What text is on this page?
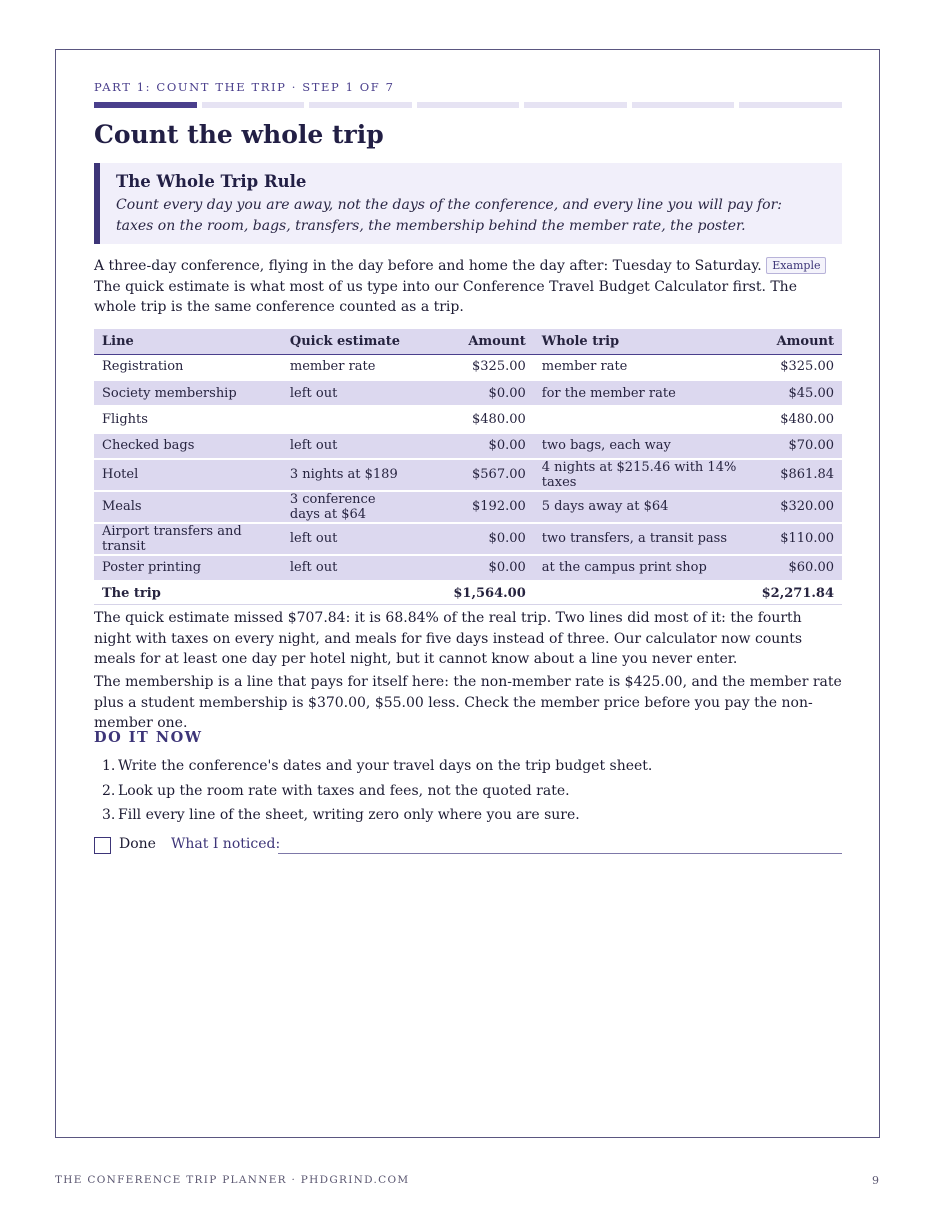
PART 1: COUNT THE TRIP · STEP 1 OF 7
Count the whole trip
The Whole Trip Rule
Count every day you are away, not the days of the conference, and every line you will pay for: taxes on the room, bags, transfers, the membership behind the member rate, the poster.

A three-day conference, flying in the day before and home the day after: Tuesday to Saturday. Example The quick estimate is what most of us type into our Conference Travel Budget Calculator first. The whole trip is the same conference counted as a trip.

Line	Quick estimate	Amount	Whole trip	Amount
Registration	member rate	$325.00	member rate	$325.00
Society membership	left out	$0.00	for the member rate	$45.00
Flights		$480.00		$480.00
Checked bags	left out	$0.00	two bags, each way	$70.00
Hotel	3 nights at $189	$567.00	4 nights at $215.46 with 14% taxes	$861.84
Meals	3 conference days at $64	$192.00	5 days away at $64	$320.00
Airport transfers and transit	left out	$0.00	two transfers, a transit pass	$110.00
Poster printing	left out	$0.00	at the campus print shop	$60.00
The trip		$1,564.00		$2,271.84

The quick estimate missed $707.84: it is 68.84% of the real trip. Two lines did most of it: the fourth night with taxes on every night, and meals for five days instead of three. Our calculator now counts meals for at least one day per hotel night, but it cannot know about a line you never enter.

The membership is a line that pays for itself here: the non-member rate is $425.00, and the member rate plus a student membership is $370.00, $55.00 less. Check the member price before you pay the non-member one.

DO IT NOW
1. Write the conference's dates and your travel days on the trip budget sheet.
2. Look up the room rate with taxes and fees, not the quoted rate.
3. Fill every line of the sheet, writing zero only where you are sure.
Done What I noticed:
THE CONFERENCE TRIP PLANNER · PHDGRIND.COM	9
